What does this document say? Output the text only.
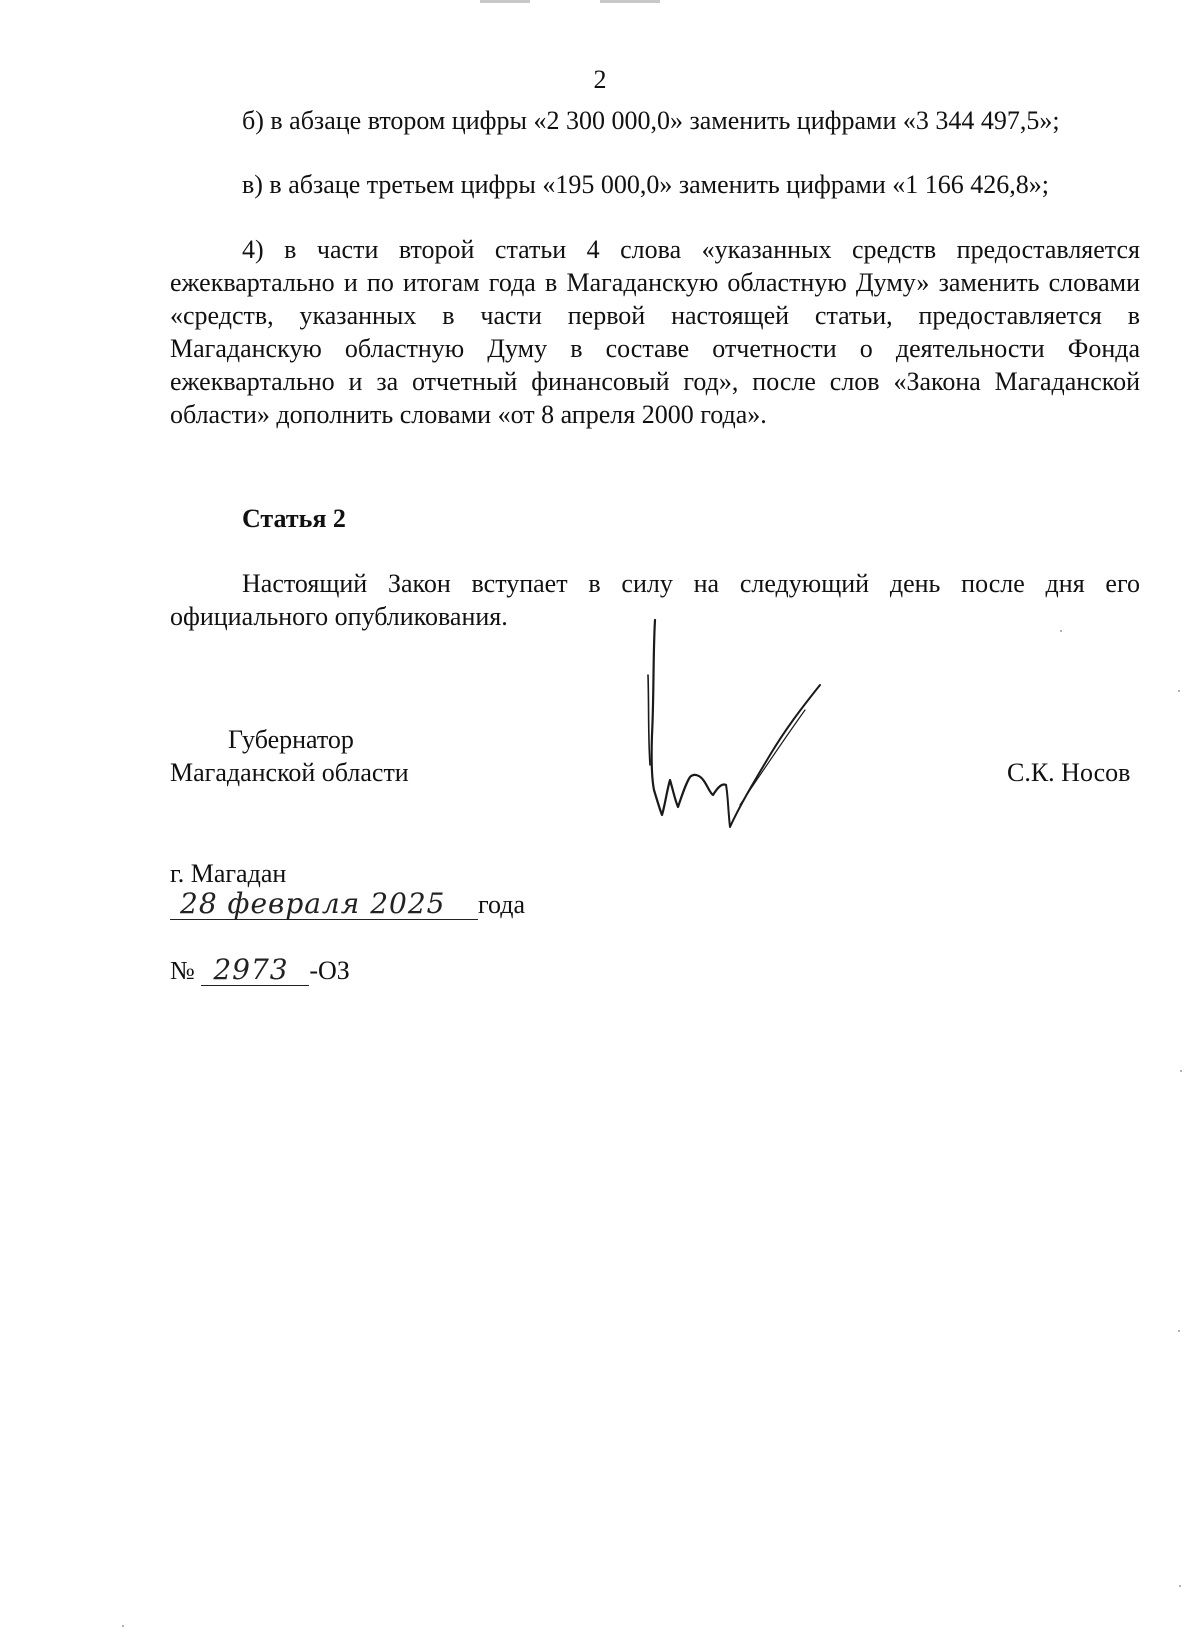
2
б) в абзаце втором цифры «2 300 000,0» заменить цифрами «3 344 497,5»;
в) в абзаце третьем цифры «195 000,0» заменить цифрами «1 166 426,8»;
4) в части второй статьи 4 слова «указанных средств предоставляется ежеквартально и по итогам года в Магаданскую областную Думу» заменить словами «средств, указанных в части первой настоящей статьи, предоставляется в Магаданскую областную Думу в составе отчетности о деятельности Фонда ежеквартально и за отчетный финансовый год», после слов «Закона Магаданской области» дополнить словами «от 8 апреля 2000 года».
Статья 2
Настоящий Закон вступает в силу на следующий день после дня его официального опубликования.
Губернатор
Магаданской области	С.К. Носов
г. Магадан
28 февраля 2025 года
№ 2973 -ОЗ
